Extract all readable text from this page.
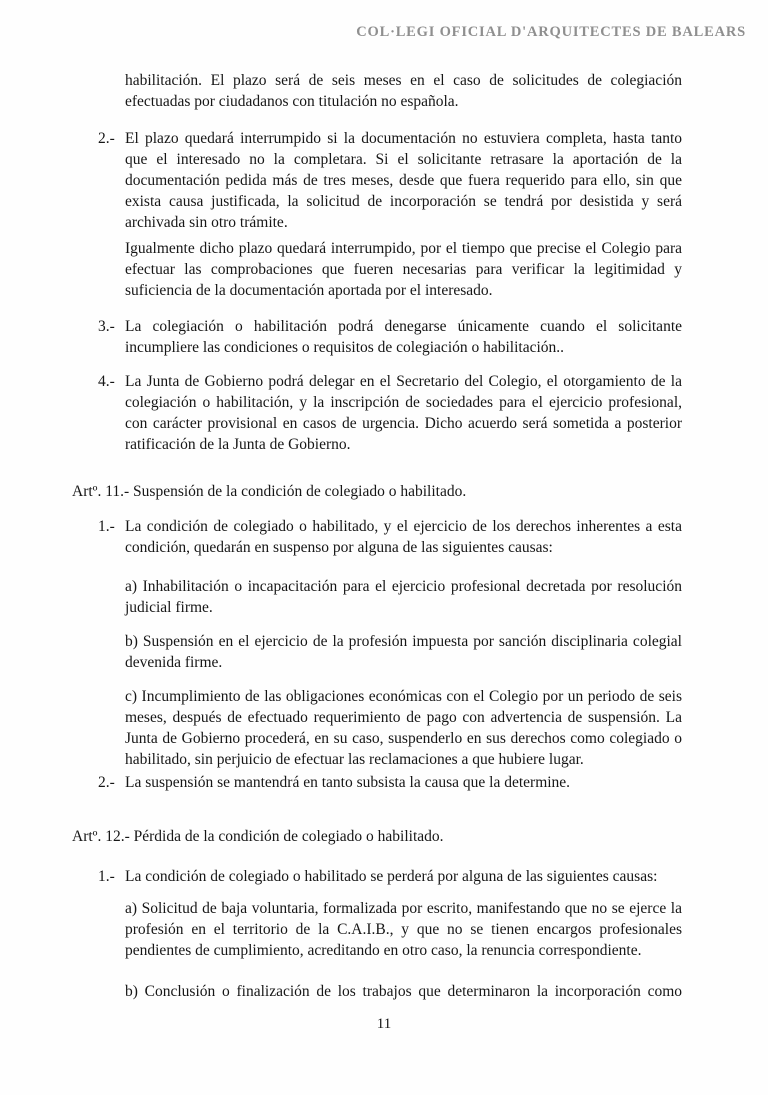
COL·LEGI OFICIAL D'ARQUITECTES DE BALEARS

habilitación. El plazo será de seis meses en el caso de solicitudes de colegiación efectuadas por ciudadanos con titulación no española.

2.- El plazo quedará interrumpido si la documentación no estuviera completa, hasta tanto que el interesado no la completara. Si el solicitante retrasare la aportación de la documentación pedida más de tres meses, desde que fuera requerido para ello, sin que exista causa justificada, la solicitud de incorporación se tendrá por desistida y será archivada sin otro trámite.

Igualmente dicho plazo quedará interrumpido, por el tiempo que precise el Colegio para efectuar las comprobaciones que fueren necesarias para verificar la legitimidad y suficiencia de la documentación aportada por el interesado.

3.- La colegiación o habilitación podrá denegarse únicamente cuando el solicitante incumpliere las condiciones o requisitos de colegiación o habilitación..
4.- La Junta de Gobierno podrá delegar en el Secretario del Colegio, el otorgamiento de la colegiación o habilitación, y la inscripción de sociedades para el ejercicio profesional, con carácter provisional en casos de urgencia. Dicho acuerdo será sometida a posterior ratificación de la Junta de Gobierno.

Artº. 11.- Suspensión de la condición de colegiado o habilitado.

1.- La condición de colegiado o habilitado, y el ejercicio de los derechos inherentes a esta condición, quedarán en suspenso por alguna de las siguientes causas:

a) Inhabilitación o incapacitación para el ejercicio profesional decretada por resolución judicial firme.

b) Suspensión en el ejercicio de la profesión impuesta por sanción disciplinaria colegial devenida firme.

c) Incumplimiento de las obligaciones económicas con el Colegio por un periodo de seis meses, después de efectuado requerimiento de pago con advertencia de suspensión. La Junta de Gobierno procederá, en su caso, suspenderlo en sus derechos como colegiado o habilitado, sin perjuicio de efectuar las reclamaciones a que hubiere lugar.

2.- La suspensión se mantendrá en tanto subsista la causa que la determine.

Artº. 12.- Pérdida de la condición de colegiado o habilitado.

1.- La condición de colegiado o habilitado se perderá por alguna de las siguientes causas:

a) Solicitud de baja voluntaria, formalizada por escrito, manifestando que no se ejerce la profesión en el territorio de la C.A.I.B., y que no se tienen encargos profesionales pendientes de cumplimiento, acreditando en otro caso, la renuncia correspondiente.

b) Conclusión o finalización de los trabajos que determinaron la incorporación como

11
